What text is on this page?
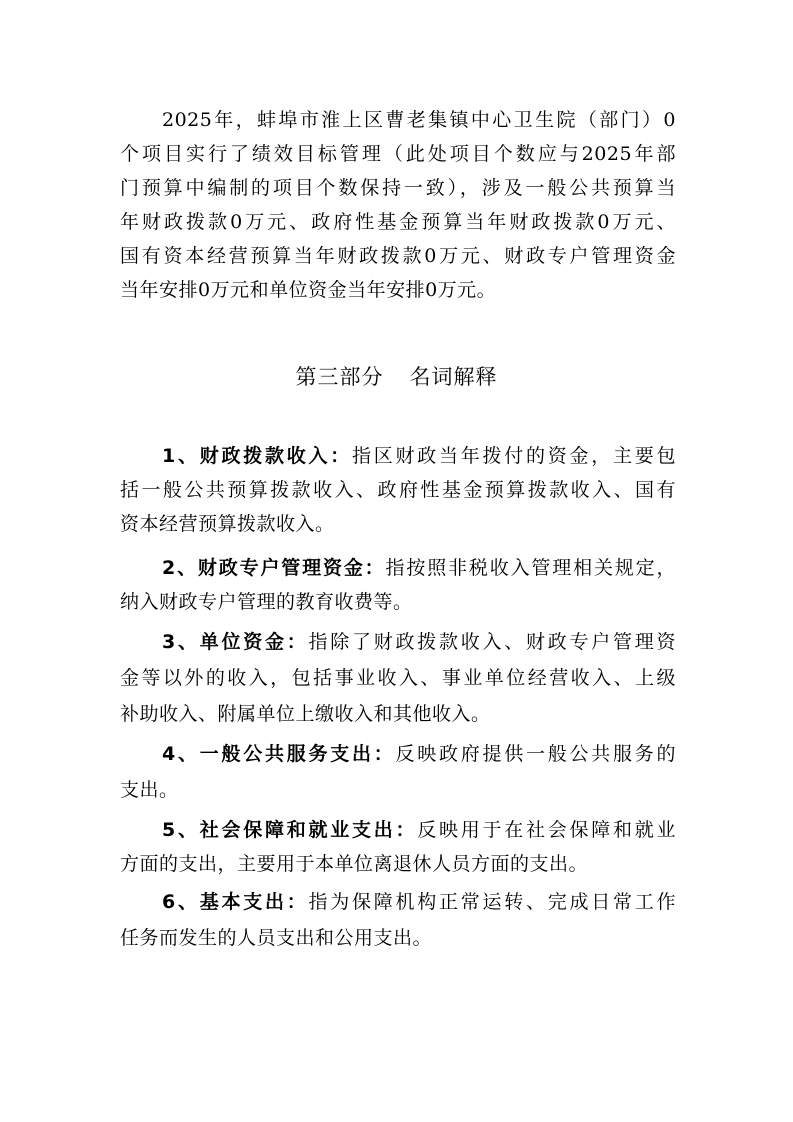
2025年，蚌埠市淮上区曹老集镇中心卫生院（部门）0
个项目实行了绩效目标管理（此处项目个数应与2025年部
门预算中编制的项目个数保持一致），涉及一般公共预算当
年财政拨款0万元、政府性基金预算当年财政拨款0万元、
国有资本经营预算当年财政拨款0万元、财政专户管理资金
当年安排0万元和单位资金当年安排0万元。
第三部分 名词解释
1、财政拨款收入：指区财政当年拨付的资金，主要包
括一般公共预算拨款收入、政府性基金预算拨款收入、国有
资本经营预算拨款收入。
2、财政专户管理资金：指按照非税收入管理相关规定，
纳入财政专户管理的教育收费等。
3、单位资金：指除了财政拨款收入、财政专户管理资
金等以外的收入，包括事业收入、事业单位经营收入、上级
补助收入、附属单位上缴收入和其他收入。
4、一般公共服务支出：反映政府提供一般公共服务的
支出。
5、社会保障和就业支出：反映用于在社会保障和就业
方面的支出，主要用于本单位离退休人员方面的支出。
6、基本支出：指为保障机构正常运转、完成日常工作
任务而发生的人员支出和公用支出。
